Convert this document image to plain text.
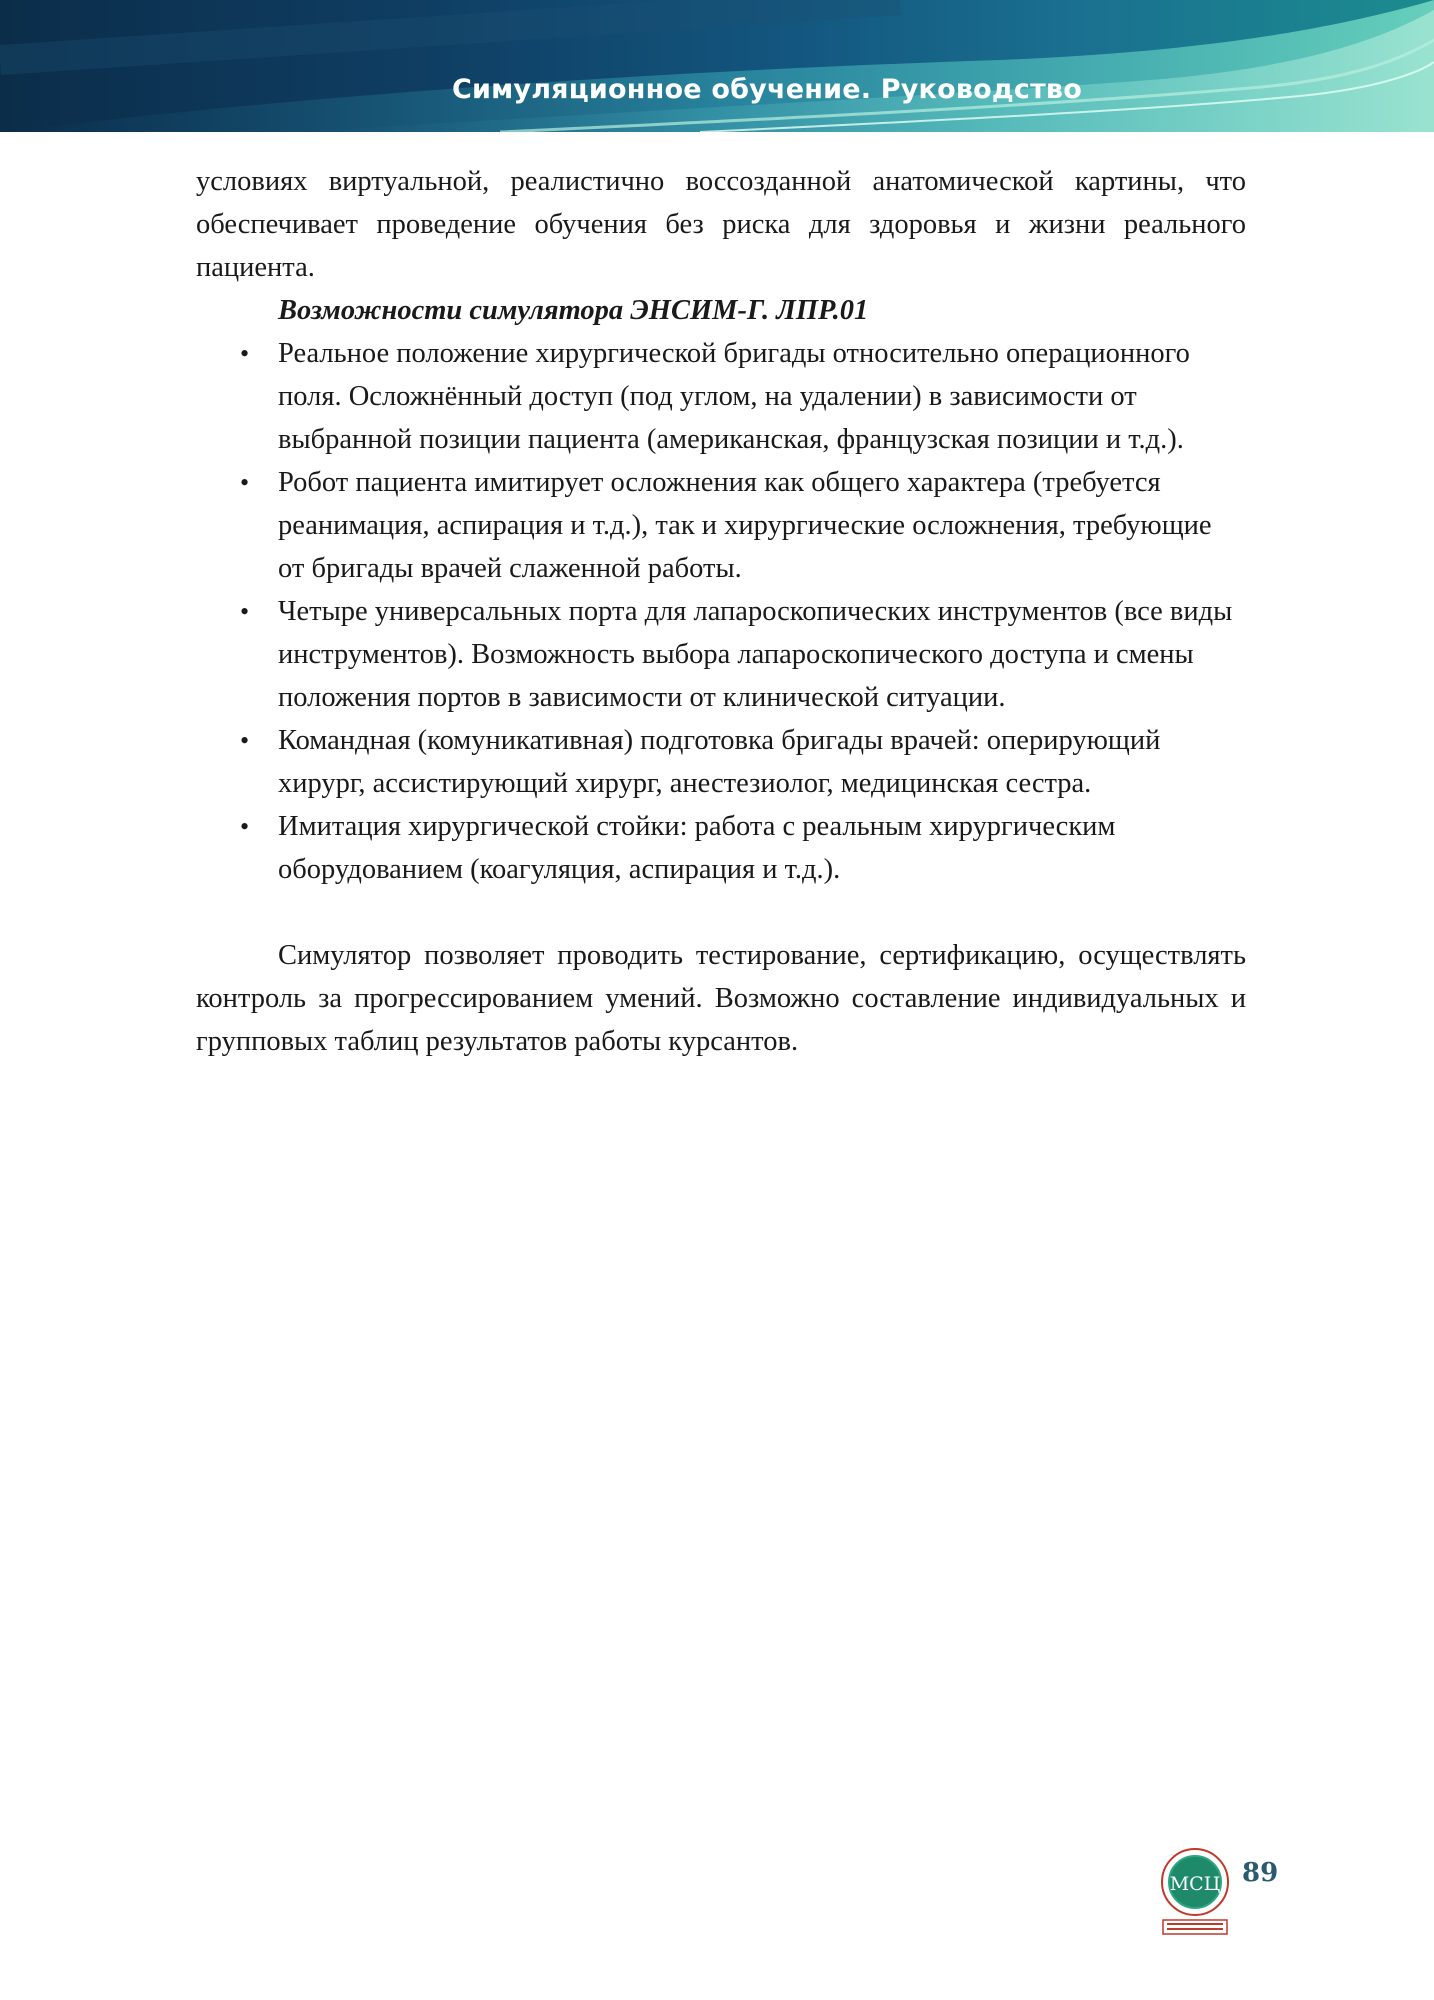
Симуляционное обучение. Руководство

условиях виртуальной, реалистично воссозданной анатомической картины, что обеспечивает проведение обучения без риска для здоровья и жизни реального пациента.

Возможности симулятора ЭНСИМ-Г. ЛПР.01

• Реальное положение хирургической бригады относительно операционного поля. Осложнённый доступ (под углом, на удалении) в зависимости от выбранной позиции пациента (американская, французская позиции и т.д.).
• Робот пациента имитирует осложнения как общего характера (требуется реанимация, аспирация и т.д.), так и хирургические осложнения, требующие от бригады врачей слаженной работы.
• Четыре универсальных порта для лапароскопических инструментов (все виды инструментов). Возможность выбора лапароскопического доступа и смены положения портов в зависимости от клинической ситуации.
• Командная (комуникативная) подготовка бригады врачей: оперирующий хирург, ассистирующий хирург, анестезиолог, медицинская сестра.
• Имитация хирургической стойки: работа с реальным хирургическим оборудованием (коагуляция, аспирация и т.д.).

Симулятор позволяет проводить тестирование, сертификацию, осуществлять контроль за прогрессированием умений. Возможно составление индивидуальных и групповых таблиц результатов работы курсантов.

МСЦ 89
